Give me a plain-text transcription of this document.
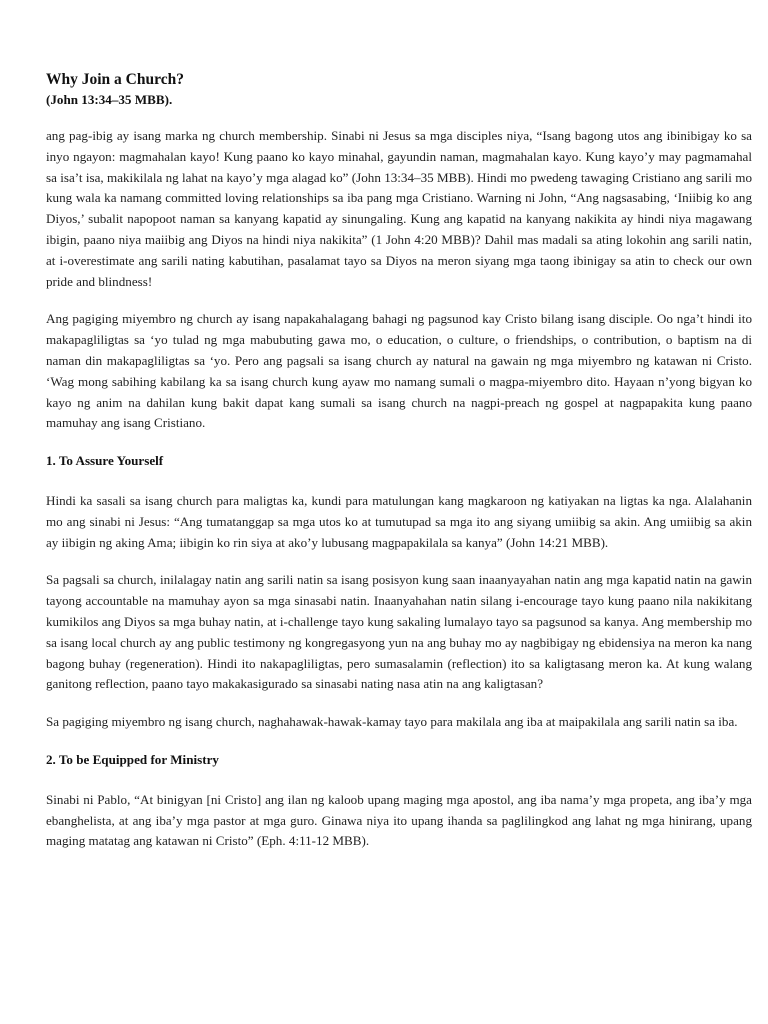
Why Join a Church?

(John 13:34–35 MBB).

ang pag-ibig ay isang marka ng church membership. Sinabi ni Jesus sa mga disciples niya, “Isang bagong utos ang ibinibigay ko sa inyo ngayon: magmahalan kayo! Kung paano ko kayo minahal, gayundin naman, magmahalan kayo. Kung kayo’y may pagmamahal sa isa’t isa, makikilala ng lahat na kayo’y mga alagad ko” (John 13:34–35 MBB). Hindi mo pwedeng tawaging Cristiano ang sarili mo kung wala ka namang committed loving relationships sa iba pang mga Cristiano. Warning ni John, “Ang nagsasabing, ‘Iniibig ko ang Diyos,’ subalit napopoot naman sa kanyang kapatid ay sinungaling. Kung ang kapatid na kanyang nakikita ay hindi niya magawang ibigin, paano niya maiibig ang Diyos na hindi niya nakikita” (1 John 4:20 MBB)? Dahil mas madali sa ating lokohin ang sarili natin, at i-overestimate ang sarili nating kabutihan, pasalamat tayo sa Diyos na meron siyang mga taong ibinigay sa atin to check our own pride and blindness!

Ang pagiging miyembro ng church ay isang napakahalagang bahagi ng pagsunod kay Cristo bilang isang disciple. Oo nga’t hindi ito makapagliligtas sa ‘yo tulad ng mga mabubuting gawa mo, o education, o culture, o friendships, o contribution, o baptism na di naman din makapagliligtas sa ‘yo. Pero ang pagsali sa isang church ay natural na gawain ng mga miyembro ng katawan ni Cristo. ‘Wag mong sabihing kabilang ka sa isang church kung ayaw mo namang sumali o magpa-miyembro dito. Hayaan n’yong bigyan ko kayo ng anim na dahilan kung bakit dapat kang sumali sa isang church na nagpi-preach ng gospel at nagpapakita kung paano mamuhay ang isang Cristiano.

1. To Assure Yourself

Hindi ka sasali sa isang church para maligtas ka, kundi para matulungan kang magkaroon ng katiyakan na ligtas ka nga. Alalahanin mo ang sinabi ni Jesus: “Ang tumatanggap sa mga utos ko at tumutupad sa mga ito ang siyang umiibig sa akin. Ang umiibig sa akin ay iibigin ng aking Ama; iibigin ko rin siya at ako’y lubusang magpapakilala sa kanya” (John 14:21 MBB).

Sa pagsali sa church, inilalagay natin ang sarili natin sa isang posisyon kung saan inaanyayahan natin ang mga kapatid natin na gawin tayong accountable na mamuhay ayon sa mga sinasabi natin. Inaanyahahan natin silang i-encourage tayo kung paano nila nakikitang kumikilos ang Diyos sa mga buhay natin, at i-challenge tayo kung sakaling lumalayo tayo sa pagsunod sa kanya. Ang membership mo sa isang local church ay ang public testimony ng kongregasyong yun na ang buhay mo ay nagbibigay ng ebidensiya na meron ka nang bagong buhay (regeneration). Hindi ito nakapagliligtas, pero sumasalamin (reflection) ito sa kaligtasang meron ka. At kung walang ganitong reflection, paano tayo makakasigurado sa sinasabi nating nasa atin na ang kaligtasan?

Sa pagiging miyembro ng isang church, naghahawak-hawak-kamay tayo para makilala ang iba at maipakilala ang sarili natin sa iba.

2. To be Equipped for Ministry

Sinabi ni Pablo, “At binigyan [ni Cristo] ang ilan ng kaloob upang maging mga apostol, ang iba nama’y mga propeta, ang iba’y mga ebanghelista, at ang iba’y mga pastor at mga guro. Ginawa niya ito upang ihanda sa paglilingkod ang lahat ng mga hinirang, upang maging matatag ang katawan ni Cristo” (Eph. 4:11-12 MBB).
